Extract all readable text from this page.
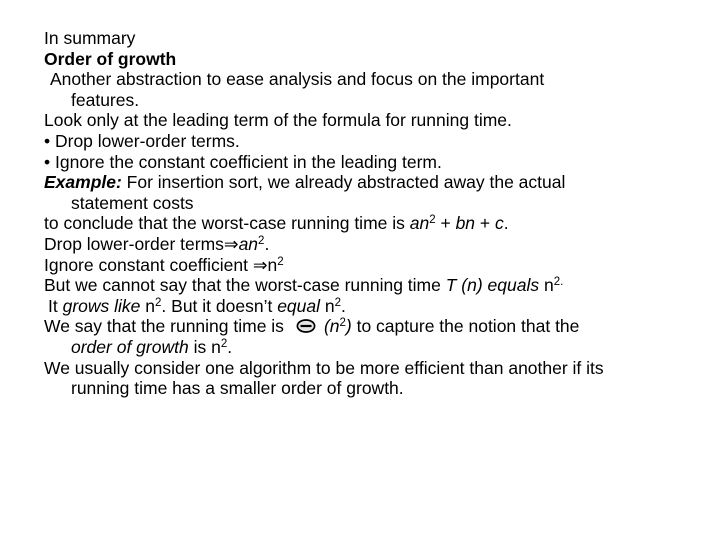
In summary
Order of growth
Another abstraction to ease analysis and focus on the important
features.
Look only at the leading term of the formula for running time.
• Drop lower-order terms.
• Ignore the constant coefficient in the leading term.
Example: For insertion sort, we already abstracted away the actual
statement costs
to conclude that the worst-case running time is $an^2$ + bn + c.
Drop lower-order $terms\Rightarrow an^2$.
Ignore constant coefficient $\Rightarrow n^2$
But we cannot say that the worst-case running time T (n) equals $n^{2.}$
It grows like $n^2$. But it doesn’t equal $n^2$.
We say that the running time is $(n^2)$ to capture the notion that the
order of growth is $n^2$.
We usually consider one algorithm to be more efficient than another if its
running time has a smaller order of growth.
